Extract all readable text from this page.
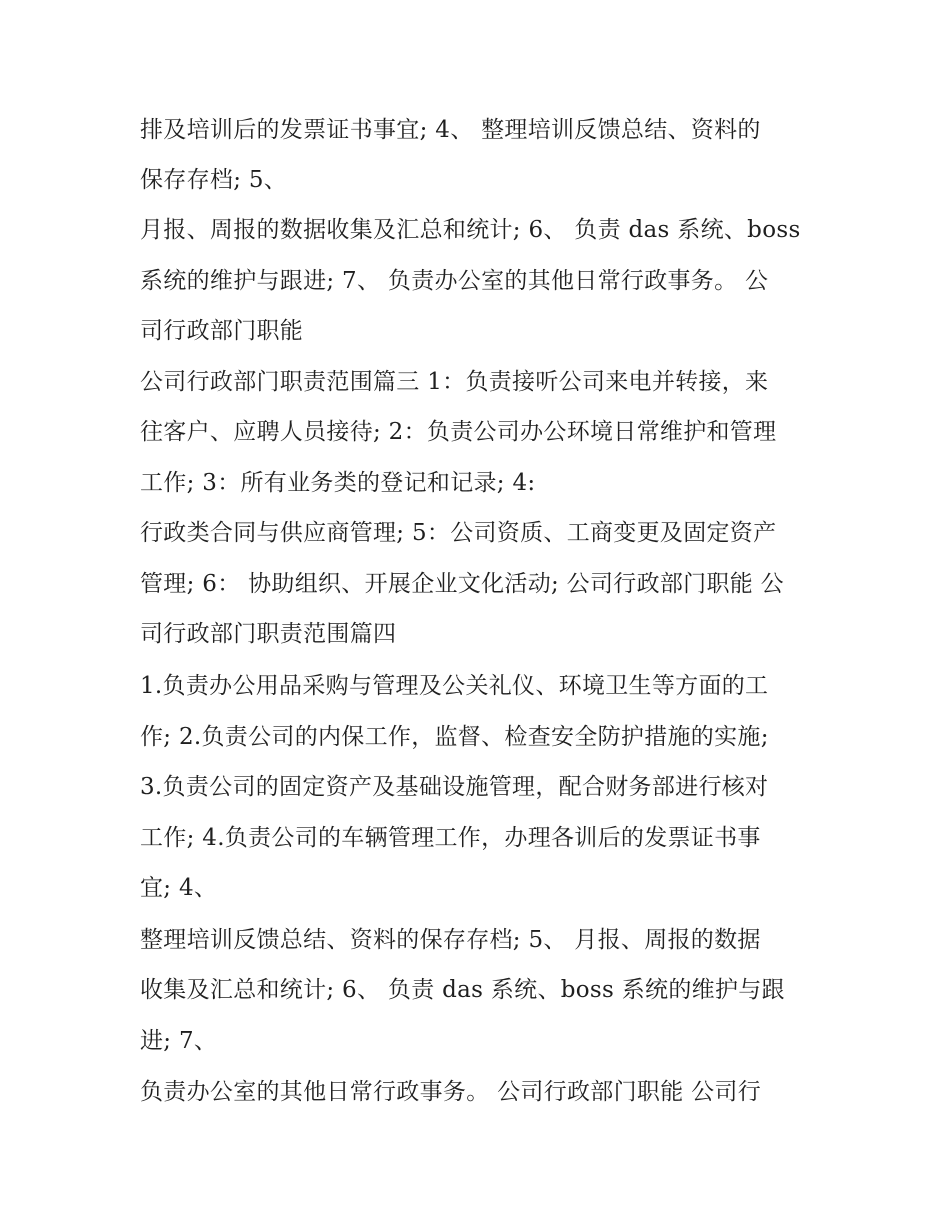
排及培训后的发票证书事宜; 4、 整理培训反馈总结、资料的

保存存档; 5、

月报、周报的数据收集及汇总和统计; 6、 负责 das 系统、boss

系统的维护与跟进; 7、 负责办公室的其他日常行政事务。 公

司行政部门职能

公司行政部门职责范围篇三 1：负责接听公司来电并转接，来

往客户、应聘人员接待; 2：负责公司办公环境日常维护和管理

工作; 3：所有业务类的登记和记录; 4:

行政类合同与供应商管理; 5：公司资质、工商变更及固定资产

管理; 6： 协助组织、开展企业文化活动; 公司行政部门职能 公

司行政部门职责范围篇四

1.负责办公用品采购与管理及公关礼仪、环境卫生等方面的工

作; 2.负责公司的内保工作，监督、检查安全防护措施的实施;

3.负责公司的固定资产及基础设施管理，配合财务部进行核对

工作; 4.负责公司的车辆管理工作，办理各训后的发票证书事

宜; 4、

整理培训反馈总结、资料的保存存档; 5、 月报、周报的数据

收集及汇总和统计; 6、 负责 das 系统、boss 系统的维护与跟

进; 7、

负责办公室的其他日常行政事务。 公司行政部门职能 公司行
